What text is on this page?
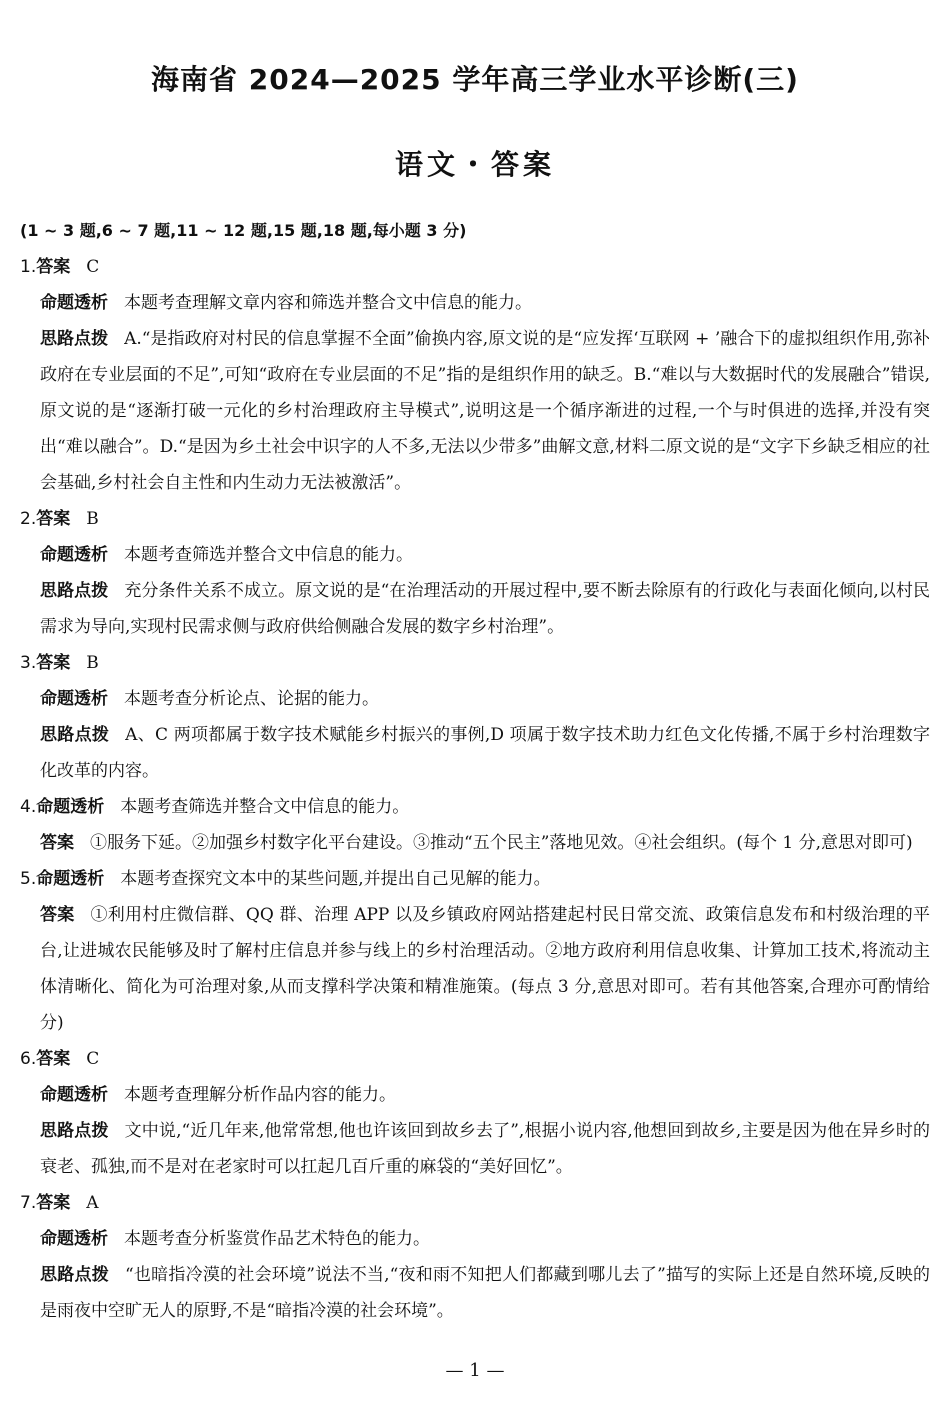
海南省 2024—2025 学年高三学业水平诊断(三)
语文・答案
(1 ~ 3 题,6 ~ 7 题,11 ~ 12 题,15 题,18 题,每小题 3 分)
1.答案 C
命题透析 本题考查理解文章内容和筛选并整合文中信息的能力。
思路点拨 A.“是指政府对村民的信息掌握不全面”偷换内容,原文说的是“应发挥‘互联网 + ’融合下的虚拟组织作用,弥补政府在专业层面的不足”,可知“政府在专业层面的不足”指的是组织作用的缺乏。B.“难以与大数据时代的发展融合”错误,原文说的是“逐渐打破一元化的乡村治理政府主导模式”,说明这是一个循序渐进的过程,一个与时俱进的选择,并没有突出“难以融合”。D.“是因为乡土社会中识字的人不多,无法以少带多”曲解文意,材料二原文说的是“文字下乡缺乏相应的社会基础,乡村社会自主性和内生动力无法被激活”。
2.答案 B
命题透析 本题考查筛选并整合文中信息的能力。
思路点拨 充分条件关系不成立。原文说的是“在治理活动的开展过程中,要不断去除原有的行政化与表面化倾向,以村民需求为导向,实现村民需求侧与政府供给侧融合发展的数字乡村治理”。
3.答案 B
命题透析 本题考查分析论点、论据的能力。
思路点拨 A、C 两项都属于数字技术赋能乡村振兴的事例,D 项属于数字技术助力红色文化传播,不属于乡村治理数字化改革的内容。
4.命题透析 本题考查筛选并整合文中信息的能力。
答案 ①服务下延。②加强乡村数字化平台建设。③推动“五个民主”落地见效。④社会组织。(每个 1 分,意思对即可)
5.命题透析 本题考查探究文本中的某些问题,并提出自己见解的能力。
答案 ①利用村庄微信群、QQ 群、治理 APP 以及乡镇政府网站搭建起村民日常交流、政策信息发布和村级治理的平台,让进城农民能够及时了解村庄信息并参与线上的乡村治理活动。②地方政府利用信息收集、计算加工技术,将流动主体清晰化、简化为可治理对象,从而支撑科学决策和精准施策。(每点 3 分,意思对即可。若有其他答案,合理亦可酌情给分)
6.答案 C
命题透析 本题考查理解分析作品内容的能力。
思路点拨 文中说,“近几年来,他常常想,他也许该回到故乡去了”,根据小说内容,他想回到故乡,主要是因为他在异乡时的衰老、孤独,而不是对在老家时可以扛起几百斤重的麻袋的“美好回忆”。
7.答案 A
命题透析 本题考查分析鉴赏作品艺术特色的能力。
思路点拨 “也暗指冷漠的社会环境”说法不当,“夜和雨不知把人们都藏到哪儿去了”描写的实际上还是自然环境,反映的是雨夜中空旷无人的原野,不是“暗指冷漠的社会环境”。
— 1 —
